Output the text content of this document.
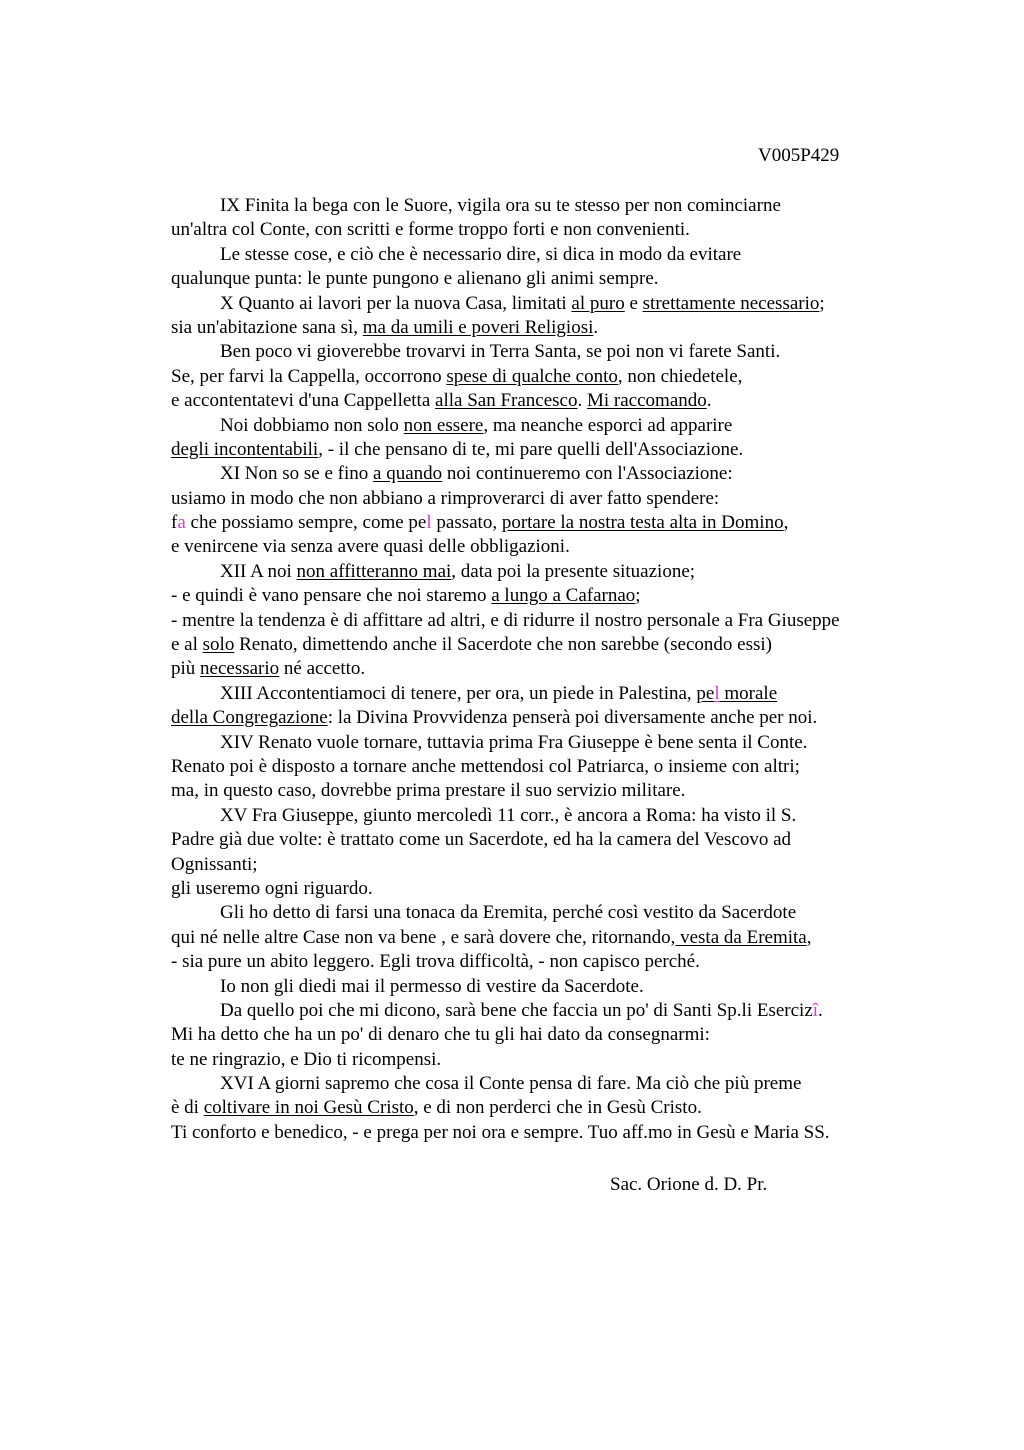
V005P429
IX Finita la bega con le Suore, vigila ora su te stesso per non cominciarne
un'altra col Conte, con scritti e forme troppo forti e non convenienti.
Le stesse cose, e ciò che è necessario dire, si dica in modo da evitare
qualunque punta: le punte pungono e alienano gli animi sempre.
X Quanto ai lavori per la nuova Casa, limitati al puro e strettamente necessario;
sia un'abitazione sana sì, ma da umili e poveri Religiosi.
Ben poco vi gioverebbe trovarvi in Terra Santa, se poi non vi farete Santi.
Se, per farvi la Cappella, occorrono spese di qualche conto, non chiedetele,
e accontentatevi d'una Cappelletta alla San Francesco. Mi raccomando.
Noi dobbiamo non solo non essere, ma neanche esporci ad apparire
degli incontentabili, - il che pensano di te, mi pare quelli dell'Associazione.
XI Non so se e fino a quando noi continueremo con l'Associazione:
usiamo in modo che non abbiano a rimproverarci di aver fatto spendere:
fa che possiamo sempre, come pel passato, portare la nostra testa alta in Domino,
e venircene via senza avere quasi delle obbligazioni.
XII A noi non affitteranno mai, data poi la presente situazione;
- e quindi è vano pensare che noi staremo a lungo a Cafarnao;
- mentre la tendenza è di affittare ad altri, e di ridurre il nostro personale a Fra Giuseppe
e al solo Renato, dimettendo anche il Sacerdote che non sarebbe (secondo essi)
più necessario né accetto.
XIII Accontentiamoci di tenere, per ora, un piede in Palestina, pel morale
della Congregazione: la Divina Provvidenza penserà poi diversamente anche per noi.
XIV Renato vuole tornare, tuttavia prima Fra Giuseppe è bene senta il Conte.
Renato poi è disposto a tornare anche mettendosi col Patriarca, o insieme con altri;
ma, in questo caso, dovrebbe prima prestare il suo servizio militare.
XV Fra Giuseppe, giunto mercoledì 11 corr., è ancora a Roma: ha visto il S.
Padre già due volte: è trattato come un Sacerdote, ed ha la camera del Vescovo ad
Ognissanti;
gli useremo ogni riguardo.
Gli ho detto di farsi una tonaca da Eremita, perché così vestito da Sacerdote
qui né nelle altre Case non va bene , e sarà dovere che, ritornando, vesta da Eremita,
- sia pure un abito leggero. Egli trova difficoltà, - non capisco perché.
Io non gli diedi mai il permesso di vestire da Sacerdote.
Da quello poi che mi dicono, sarà bene che faccia un po' di Santi Sp.li Esercizî.
Mi ha detto che ha un po' di denaro che tu gli hai dato da consegnarmi:
te ne ringrazio, e Dio ti ricompensi.
XVI A giorni sapremo che cosa il Conte pensa di fare. Ma ciò che più preme
è di coltivare in noi Gesù Cristo, e di non perderci che in Gesù Cristo.
Ti conforto e benedico, - e prega per noi ora e sempre. Tuo aff.mo in Gesù e Maria SS.
Sac. Orione d. D. Pr.
